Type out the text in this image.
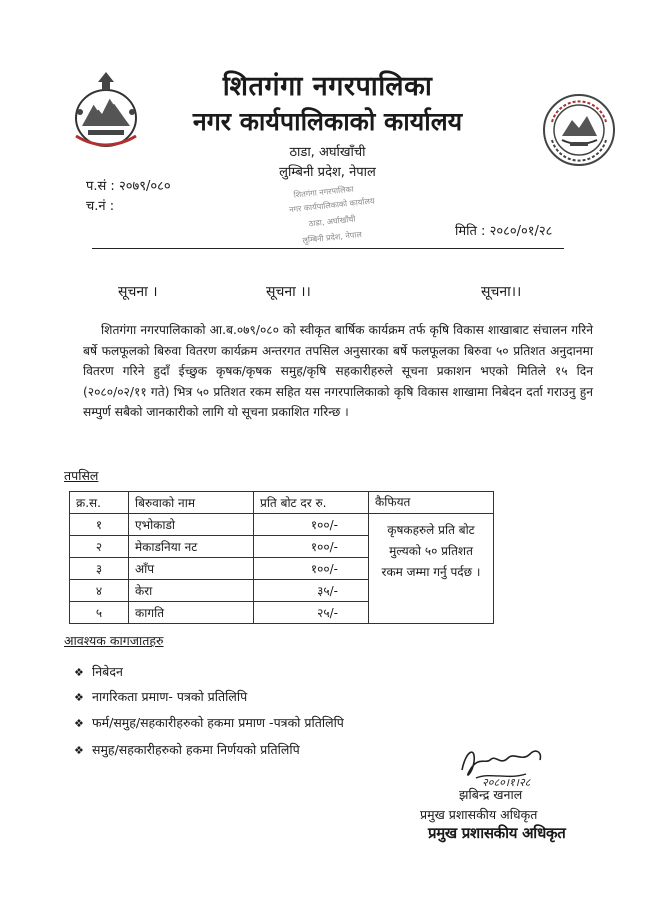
शितगंगा नगरपालिका
नगर कार्यपालिकाको कार्यालय
ठाडा, अर्घाखाँची
लुम्बिनी प्रदेश, नेपाल
प.सं : २०७९/०८०
च.नं :
शितगंगा नगरपालिका
नगर कार्यपालिकाको कार्यालय
ठाडा, अर्घाखाँची
लुम्बिनी प्रदेश, नेपाल	मिति : २०८०/०१/२८
सूचना ।	सूचना ।।	सूचना।।
शितगंगा नगरपालिकाको आ.ब.०७९/०८० को स्वीकृत बार्षिक कार्यक्रम तर्फ कृषि विकास शाखाबाट संचालन गरिने बर्षे फलफूलको बिरुवा वितरण कार्यक्रम अन्तरगत तपसिल अनुसारका बर्षे फलफूलका बिरुवा ५० प्रतिशत अनुदानमा वितरण गरिने हुदाँ ईच्छुक कृषक/कृषक समुह/कृषि सहकारीहरुले सूचना प्रकाशन भएको मितिले १५ दिन (२०८०/०२/११ गते) भित्र ५० प्रतिशत रकम सहित यस नगरपालिकाको कृषि विकास शाखामा निबेदन दर्ता गराउनु हुन सम्पुर्ण सबैको जानकारीको लागि यो सूचना प्रकाशित गरिन्छ ।
तपसिल
क्र.स.	बिरुवाको नाम	प्रति बोट दर रु.	कैफियत
१	एभोकाडो	१००/-	कृषकहरुले प्रति बोट मुल्यको ५० प्रतिशत रकम जम्मा गर्नु पर्दछ ।
२	मेकाडनिया नट	१००/-	
३	आँप	१००/-	
४	केरा	३५/-	
५	कागति	२५/-	
आवश्यक कागजातहरु
❖ निबेदन
❖ नागरिकता प्रमाण- पत्रको प्रतिलिपि
❖ फर्म/समुह/सहकारीहरुको हकमा प्रमाण -पत्रको प्रतिलिपि
❖ समुह/सहकारीहरुको हकमा निर्णयको प्रतिलिपि
२०८०।१।२८
झबिन्द्र खनाल
प्रमुख प्रशासकीय अधिकृत
प्रमुख प्रशासकीय अधिकृत
